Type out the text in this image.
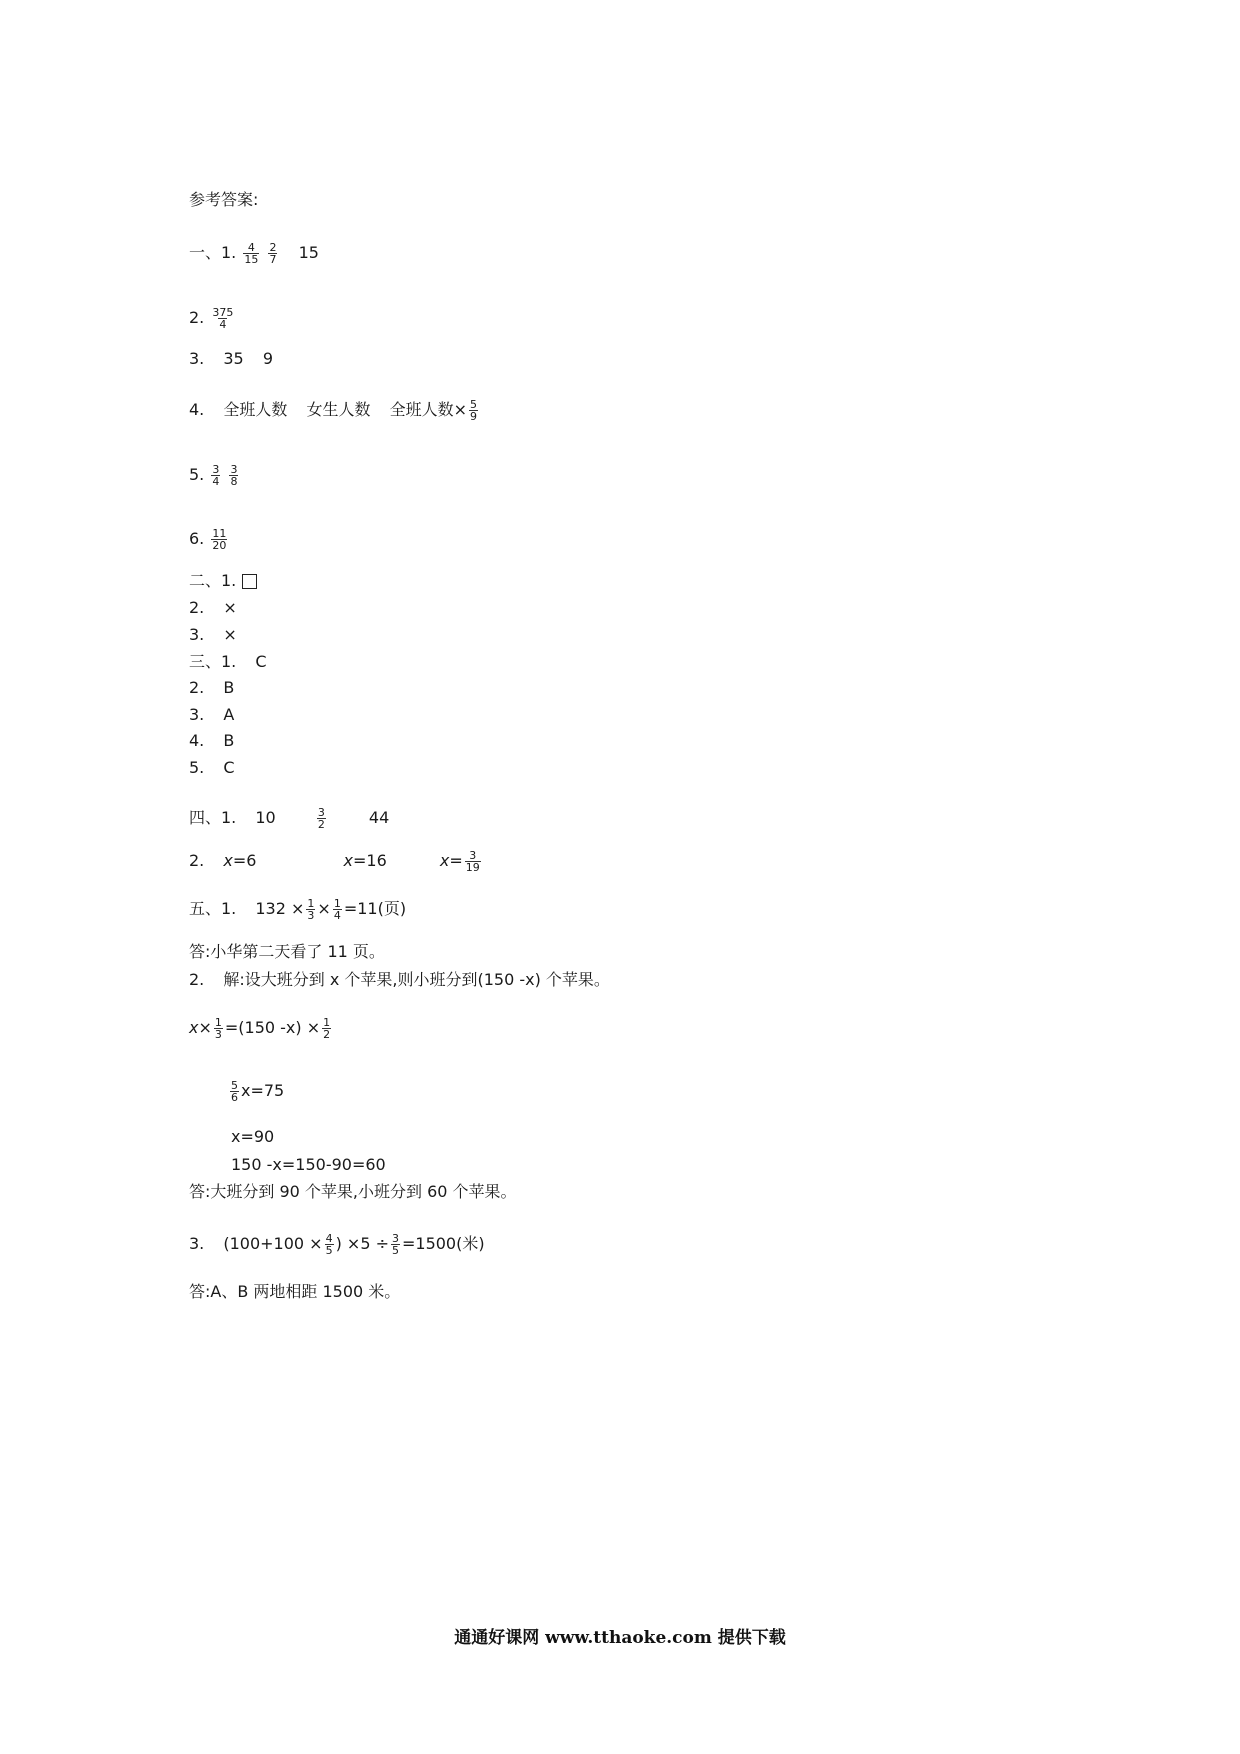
参考答案:
一、1. $\frac{4}{15}$
$\frac{2}{7} 15$
2. $\frac{375}{4}$
3. 35 9
4. 全班人数 女生人数 全班人数× $\frac{5}{9}$
5. $\frac{3}{4}$
$\frac{3}{8}$
6. $\frac{11}{20}$
二、1.
2. ×
3. ×
三、1. C
2. B
3. A
4. B
5. C
四、1. 10	$\frac{3}{2}$	44
2. x=6	x=16	$x= \frac{3}{19}$
五、1. $132 \times \frac{1}{3} \times \frac{1}{4} =11$(页)
答:小华第二天看了 11 页。
2. 解:设大班分到 x 个苹果,则小班分到(150 -x) 个苹果。
$x\times \frac{1}{3} =(150$ $-x) \times \frac{1}{2}$
$\frac{5}{6} x=75$
x=90
150 -x=150-90=60
答:大班分到 90 个苹果,小班分到 60 个苹果。
3. ($100+100 \times \frac{4}{5}$ ) $\times 5 \div \frac{3}{5} =1500$(米)
答:A、B 两地相距 1500 米。
通通好课网 www.tthaoke.com 提供下载
